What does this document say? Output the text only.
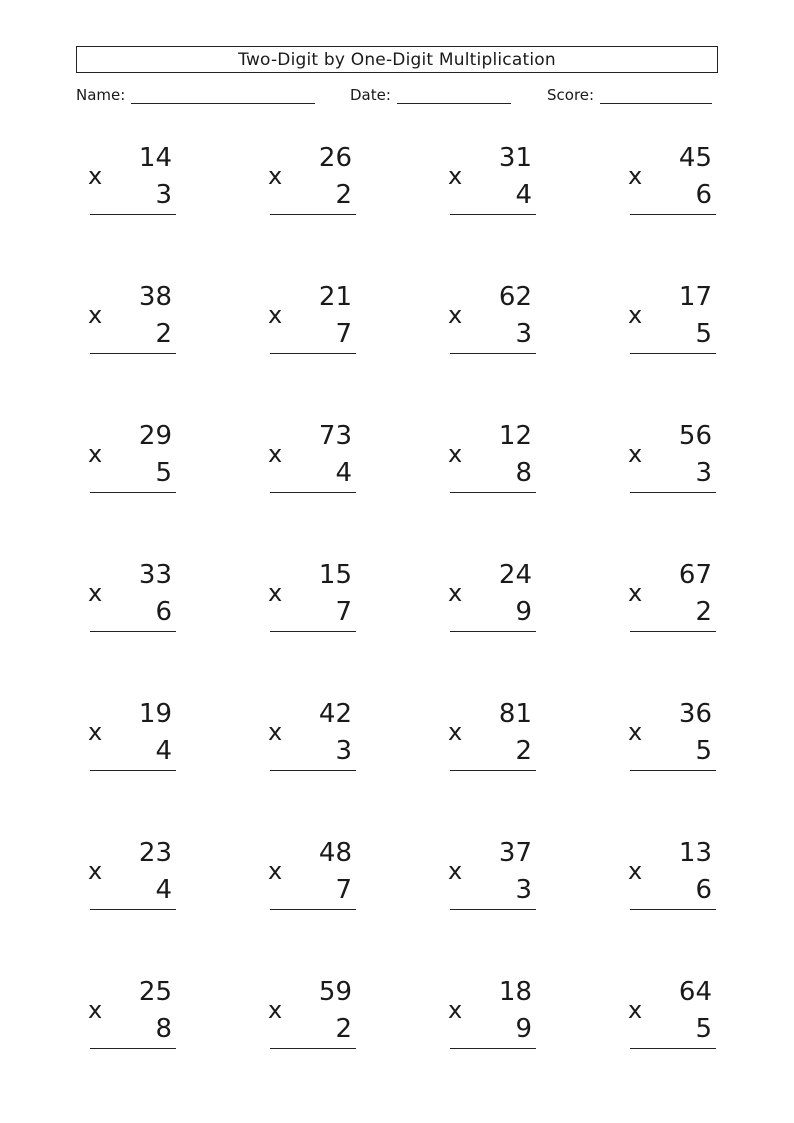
Two-Digit by One-Digit Multiplication
Name:	Date:	Score:
14
x
3
26
x
2
31
x
4
45
x
6
38
x
2
21
x
7
62
x
3
17
x
5
29
x
5
73
x
4
12
x
8
56
x
3
33
x
6
15
x
7
24
x
9
67
x
2
19
x
4
42
x
3
81
x
2
36
x
5
23
x
4
48
x
7
37
x
3
13
x
6
25
x
8
59
x
2
18
x
9
64
x
5
